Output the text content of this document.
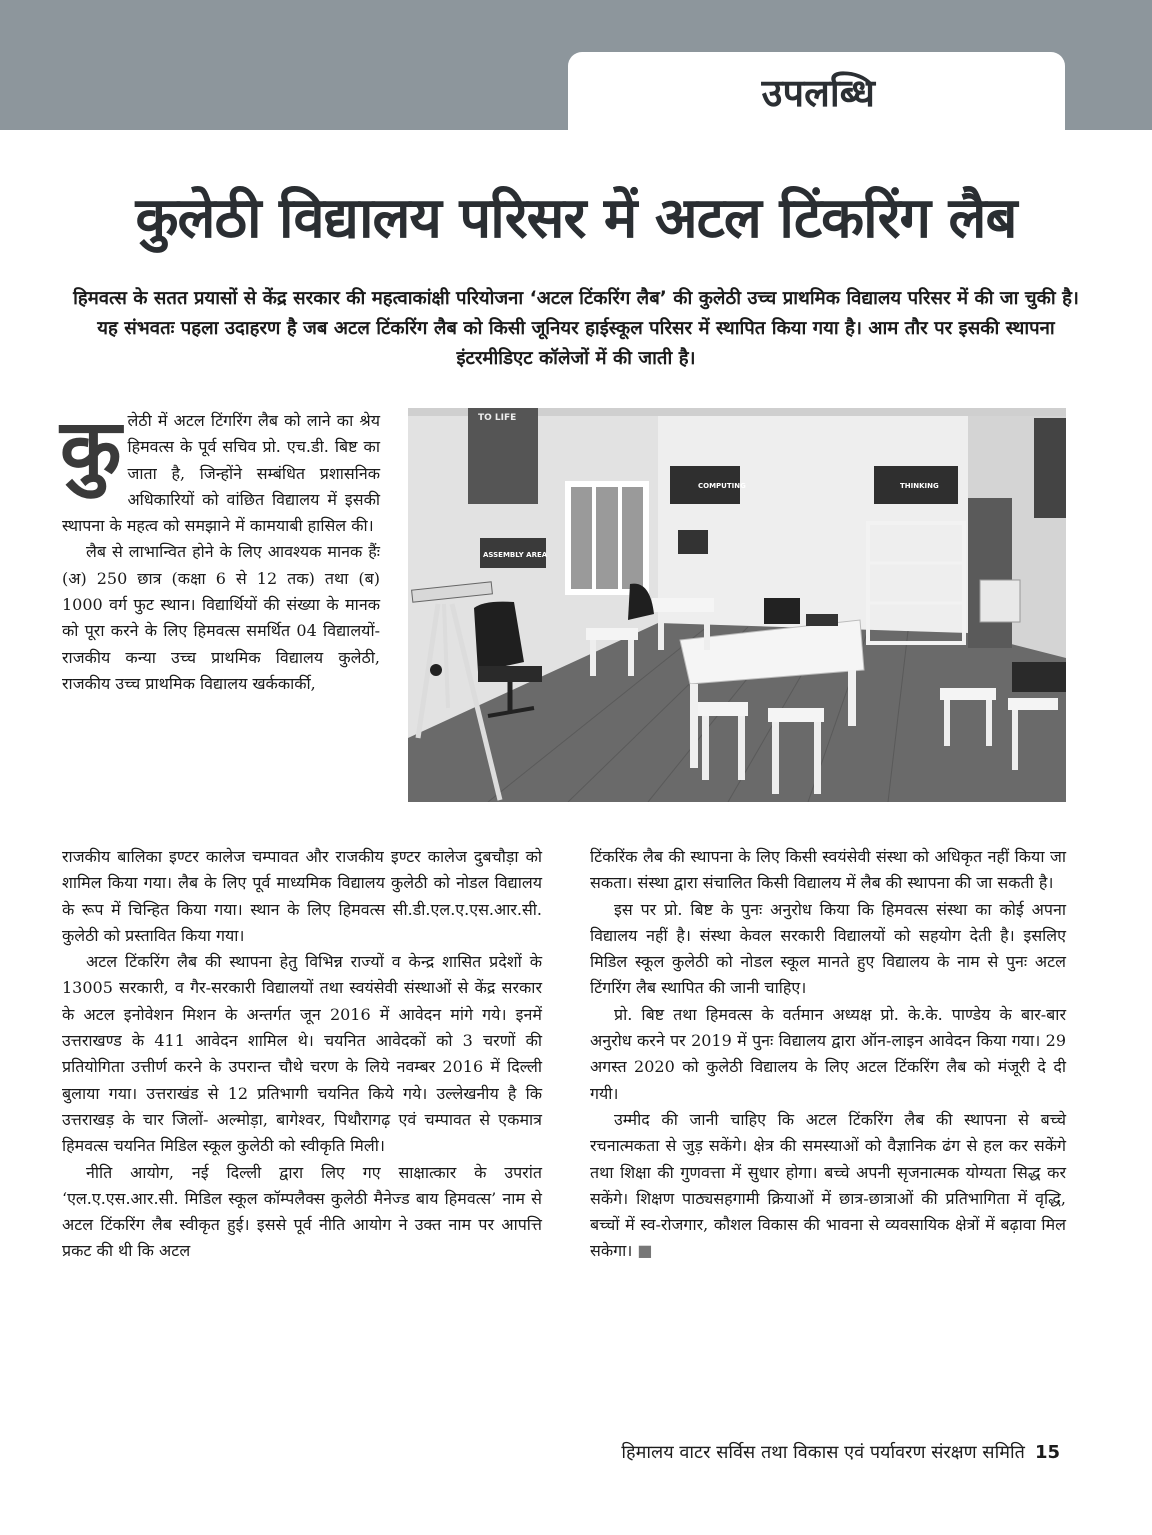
उपलब्धि
कुलेठी विद्यालय परिसर में अटल टिंकरिंग लैब
हिमवत्स के सतत प्रयासों से केंद्र सरकार की महत्वाकांक्षी परियोजना ‘अटल टिंकरिंग लैब’ की कुलेठी उच्च प्राथमिक विद्यालय परिसर में की जा चुकी है। यह संभवतः पहला उदाहरण है जब अटल टिंकरिंग लैब को किसी जूनियर हाईस्कूल परिसर में स्थापित किया गया है। आम तौर पर इसकी स्थापना इंटरमीडिएट कॉलेजों में की जाती है।
कु लेठी में अटल टिंगरिंग लैब को लाने का श्रेय हिमवत्स के पूर्व सचिव प्रो. एच.डी. बिष्ट का जाता है, जिन्होंने सम्बंधित प्रशासनिक अधिकारियों को वांछित विद्यालय में इसकी स्थापना के महत्व को समझाने में कामयाबी हासिल की।

लैब से लाभान्वित होने के लिए आवश्यक मानक हैंः (अ) 250 छात्र (कक्षा 6 से 12 तक) तथा (ब) 1000 वर्ग फुट स्थान। विद्यार्थियों की संख्या के मानक को पूरा करने के लिए हिमवत्स समर्थित 04 विद्यालयों- राजकीय कन्या उच्च प्राथमिक विद्यालय कुलेठी, राजकीय उच्च प्राथमिक विद्यालय खर्ककार्की,

TO LIFE
ASSEMBLY AREA
COMPUTING	THINKING

राजकीय बालिका इण्टर कालेज चम्पावत और राजकीय इण्टर कालेज दुबचौड़ा को शामिल किया गया। लैब के लिए पूर्व माध्यमिक विद्यालय कुलेठी को नोडल विद्यालय के रूप में चिन्हित किया गया। स्थान के लिए हिमवत्स सी.डी.एल.ए.एस.आर.सी. कुलेठी को प्रस्तावित किया गया।

अटल टिंकरिंग लैब की स्थापना हेतु विभिन्न राज्यों व केन्द्र शासित प्रदेशों के 13005 सरकारी, व गैर-सरकारी विद्यालयों तथा स्वयंसेवी संस्थाओं से केंद्र सरकार के अटल इनोवेशन मिशन के अन्तर्गत जून 2016 में आवेदन मांगे गये। इनमें उत्तराखण्ड के 411 आवेदन शामिल थे। चयनित आवेदकों को 3 चरणों की प्रतियोगिता उत्तीर्ण करने के उपरान्त चौथे चरण के लिये नवम्बर 2016 में दिल्ली बुलाया गया। उत्तराखंड से 12 प्रतिभागी चयनित किये गये। उल्लेखनीय है कि उत्तराखड़ के चार जिलों- अल्मोड़ा, बागेश्वर, पिथौरागढ़ एवं चम्पावत से एकमात्र हिमवत्स चयनित मिडिल स्कूल कुलेठी को स्वीकृति मिली।

नीति आयोग, नई दिल्ली द्वारा लिए गए साक्षात्कार के उपरांत ‘एल.ए.एस.आर.सी. मिडिल स्कूल कॉम्पलैक्स कुलेठी मैनेज्ड बाय हिमवत्स’ नाम से अटल टिंकरिंग लैब स्वीकृत हुई। इससे पूर्व नीति आयोग ने उक्त नाम पर आपत्ति प्रकट की थी कि अटल

टिंकरिंक लैब की स्थापना के लिए किसी स्वयंसेवी संस्था को अधिकृत नहीं किया जा सकता। संस्था द्वारा संचालित किसी विद्यालय में लैब की स्थापना की जा सकती है।

इस पर प्रो. बिष्ट के पुनः अनुरोध किया कि हिमवत्स संस्था का कोई अपना विद्यालय नहीं है। संस्था केवल सरकारी विद्यालयों को सहयोग देती है। इसलिए मिडिल स्कूल कुलेठी को नोडल स्कूल मानते हुए विद्यालय के नाम से पुनः अटल टिंगरिंग लैब स्थापित की जानी चाहिए।

प्रो. बिष्ट तथा हिमवत्स के वर्तमान अध्यक्ष प्रो. के.के. पाण्डेय के बार-बार अनुरोध करने पर 2019 में पुनः विद्यालय द्वारा ऑन-लाइन आवेदन किया गया। 29 अगस्त 2020 को कुलेठी विद्यालय के लिए अटल टिंकरिंग लैब को मंजूरी दे दी गयी।

उम्मीद की जानी चाहिए कि अटल टिंकरिंग लैब की स्थापना से बच्चे रचनात्मकता से जुड़ सकेंगे। क्षेत्र की समस्याओं को वैज्ञानिक ढंग से हल कर सकेंगे तथा शिक्षा की गुणवत्ता में सुधार होगा। बच्चे अपनी सृजनात्मक योग्यता सिद्ध कर सकेंगे। शिक्षण पाठ्यसहगामी क्रियाओं में छात्र-छात्राओं की प्रतिभागिता में वृद्धि, बच्चों में स्व-रोजगार, कौशल विकास की भावना से व्यवसायिक क्षेत्रों में बढ़ावा मिल सकेगा। ■

हिमालय वाटर सर्विस तथा विकास एवं पर्यावरण संरक्षण समिति 15
